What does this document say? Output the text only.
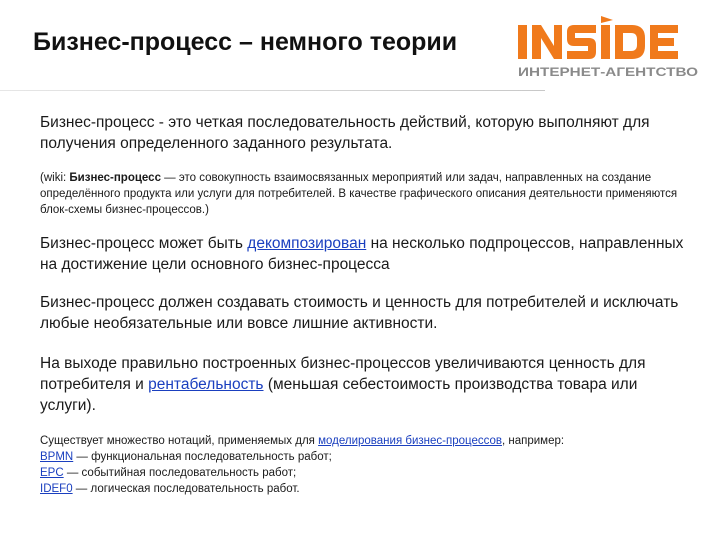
Бизнес-процесс – немного теории
ИНТЕРНЕТ-АГЕНТСТВО

Бизнес-процесс - это четкая последовательность действий, которую выполняют для получения определенного заданного результата.

(wiki: Бизнес-процесс — это совокупность взаимосвязанных мероприятий или задач, направленных на создание определённого продукта или услуги для потребителей. В качестве графического описания деятельности применяются блок-схемы бизнес-процессов.)

Бизнес-процесс может быть декомпозирован на несколько подпроцессов, направленных на достижение цели основного бизнес-процесса

Бизнес-процесс должен создавать стоимость и ценность для потребителей и исключать любые необязательные или вовсе лишние активности.

На выходе правильно построенных бизнес-процессов увеличиваются ценность для потребителя и рентабельность (меньшая себестоимость производства товара или услуги).

Существует множество нотаций, применяемых для моделирования бизнес-процессов, например:

BPMN — функциональная последовательность работ;

EPC — событийная последовательность работ;

IDEF0 — логическая последовательность работ.
